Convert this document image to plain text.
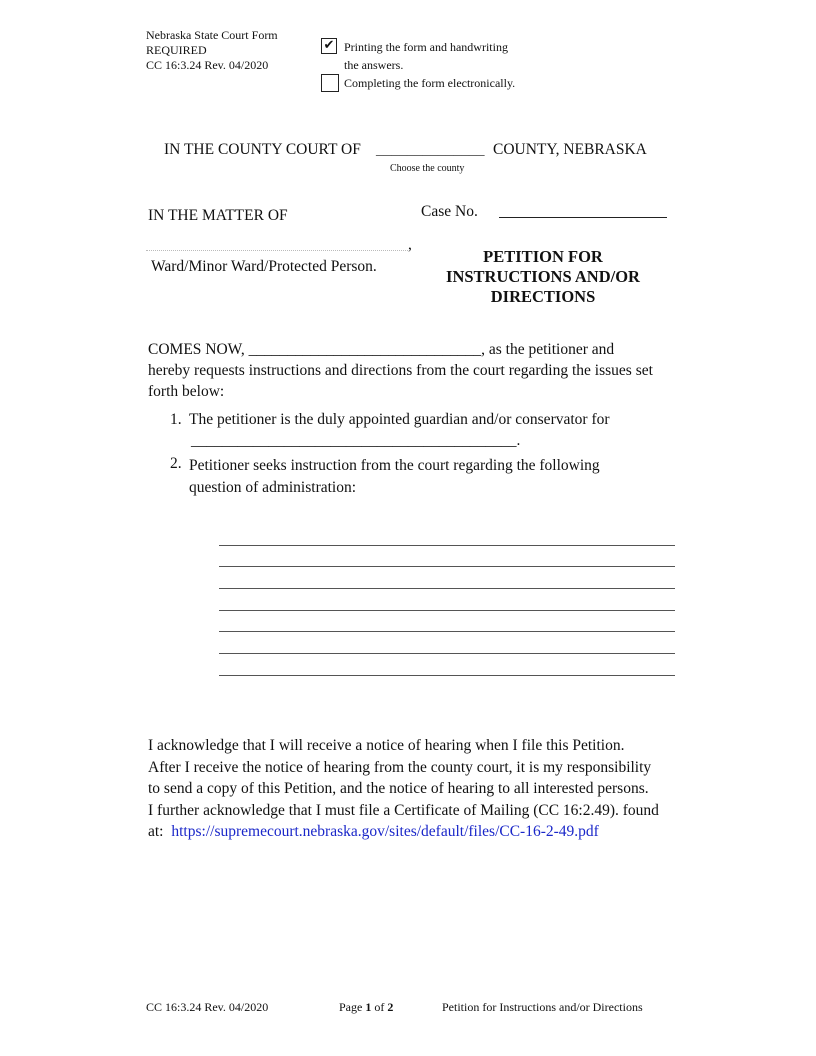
Nebraska State Court Form
REQUIRED
CC 16:3.24 Rev. 04/2020
✔ Printing the form and handwriting
the answers.
Completing the form electronically.
IN THE COUNTY COURT OF ______________ COUNTY, NEBRASKA
Choose the county
IN THE MATTER OF	Case No.
,
Ward/Minor Ward/Protected Person.
PETITION FOR
INSTRUCTIONS AND/OR
DIRECTIONS
COMES NOW, ______________________________, as the petitioner and
hereby requests instructions and directions from the court regarding the issues set
forth below:
1. The petitioner is the duly appointed guardian and/or conservator for
__________________________________________.
2. Petitioner seeks instruction from the court regarding the following
question of administration:
I acknowledge that I will receive a notice of hearing when I file this Petition.
After I receive the notice of hearing from the county court, it is my responsibility
to send a copy of this Petition, and the notice of hearing to all interested persons.
I further acknowledge that I must file a Certificate of Mailing (CC 16:2.49). found
at: https://supremecourt.nebraska.gov/sites/default/files/CC-16-2-49.pdf
CC 16:3.24 Rev. 04/2020	Page 1 of 2	Petition for Instructions and/or Directions
